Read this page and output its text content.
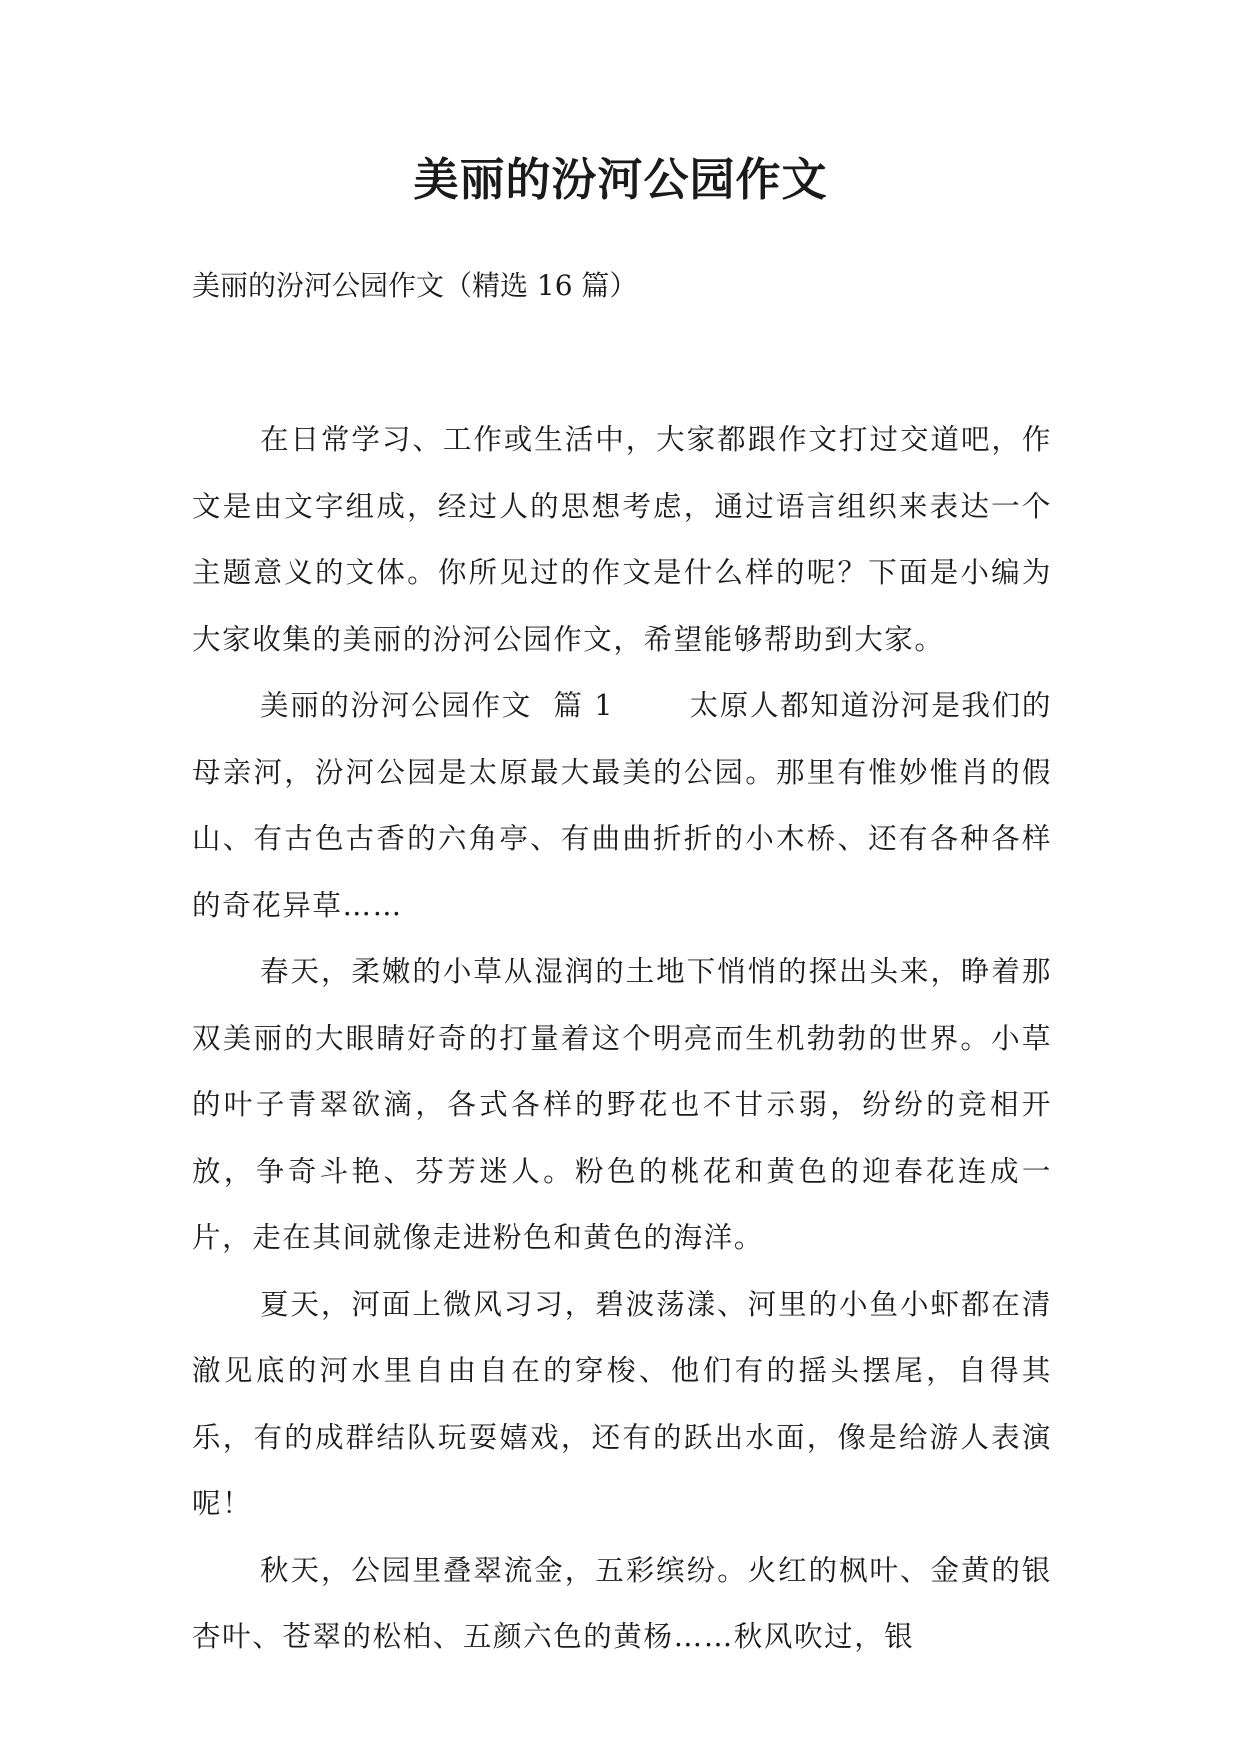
美丽的汾河公园作文

美丽的汾河公园作文（精选 16 篇）

在日常学习、工作或生活中，大家都跟作文打过交道吧，作文是由文字组成，经过人的思想考虑，通过语言组织来表达一个主题意义的文体。你所见过的作文是什么样的呢？下面是小编为大家收集的美丽的汾河公园作文，希望能够帮助到大家。

美丽的汾河公园作文  篇 1       太原人都知道汾河是我们的母亲河，汾河公园是太原最大最美的公园。那里有惟妙惟肖的假山、有古色古香的六角亭、有曲曲折折的小木桥、还有各种各样的奇花异草……

春天，柔嫩的小草从湿润的土地下悄悄的探出头来，睁着那双美丽的大眼睛好奇的打量着这个明亮而生机勃勃的世界。小草的叶子青翠欲滴，各式各样的野花也不甘示弱，纷纷的竞相开放，争奇斗艳、芬芳迷人。粉色的桃花和黄色的迎春花连成一片，走在其间就像走进粉色和黄色的海洋。

夏天，河面上微风习习，碧波荡漾、河里的小鱼小虾都在清澈见底的河水里自由自在的穿梭、他们有的摇头摆尾，自得其乐，有的成群结队玩耍嬉戏，还有的跃出水面，像是给游人表演呢！

秋天，公园里叠翠流金，五彩缤纷。火红的枫叶、金黄的银杏叶、苍翠的松柏、五颜六色的黄杨……秋风吹过，银
